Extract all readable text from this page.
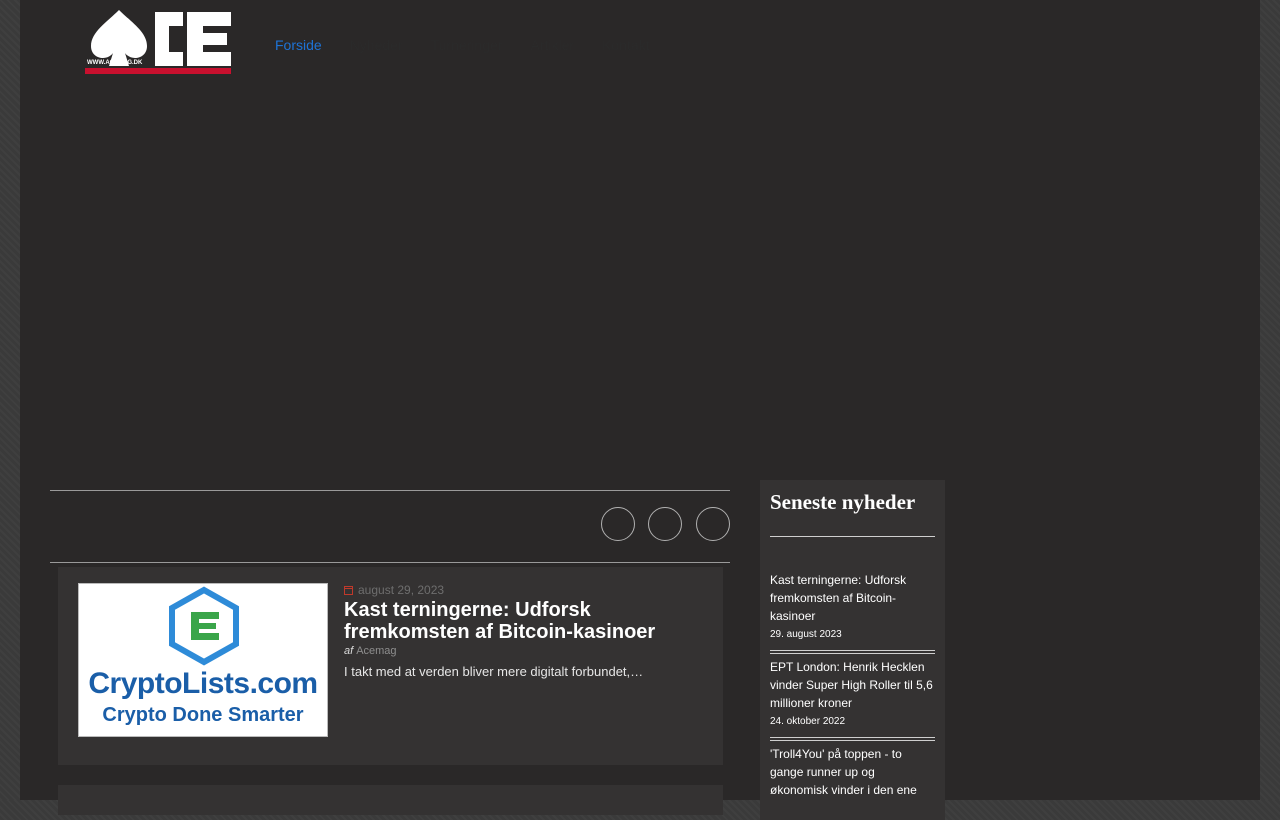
WWW.ACEMAG.DK
Forside Nyheder Turneringer Artikler Kontakt
CryptoLists.com
Crypto Done Smarter
august 29, 2023
Kast terningerne: Udforsk fremkomsten af Bitcoin-kasinoer
af Acemag
I takt med at verden bliver mere digitalt forbundet,…
Seneste nyheder
Kast terningerne: Udforsk fremkomsten af Bitcoin-kasinoer
29. august 2023
EPT London: Henrik Hecklen vinder Super High Roller til 5,6 millioner kroner
24. oktober 2022
'Troll4You' på toppen - to gange runner up og økonomisk vinder i den ene
